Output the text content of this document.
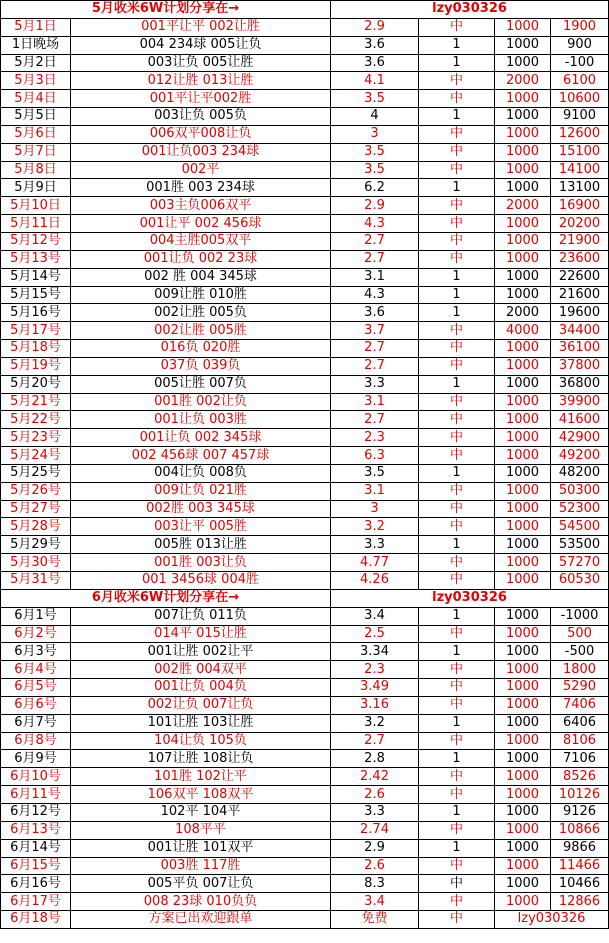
5月收米6W计划分享在→		lzy030326			
5月1日	001平让平 002让胜	2.9	中	1000	1900
1日晚场	004 234球 005让负	3.6	1	1000	900
5月2日	003让负 005让胜	3.6	1	1000	-100
5月3日	012让胜 013让胜	4.1	中	2000	6100
5月4日	001平让平002胜	3.5	中	1000	10600
5月5日	003让负 005负	4	1	1000	9100
5月6日	006双平008让负	3	中	1000	12600
5月7日	001让负003 234球	3.5	中	1000	15100
5月8日	002平	3.5	中	1000	14100
5月9日	001胜 003 234球	6.2	1	1000	13100
5月10日	003主负006双平	2.9	中	2000	16900
5月11日	001让平 002 456球	4.3	中	1000	20200
5月12号	004主胜005双平	2.7	中	1000	21900
5月13号	001让负 002 23球	2.7	中	1000	23600
5月14号	002 胜 004 345球	3.1	1	1000	22600
5月15号	009让胜 010胜	4.3	1	1000	21600
5月16号	002让胜 005负	3.6	1	2000	19600
5月17号	002让胜 005胜	3.7	中	4000	34400
5月18号	016负 020胜	2.7	中	1000	36100
5月19号	037负 039负	2.7	中	1000	37800
5月20号	005让胜 007负	3.3	1	1000	36800
5月21号	001胜 002让负	3.1	中	1000	39900
5月22号	001让负 003胜	2.7	中	1000	41600
5月23号	001让负 002 345球	2.3	中	1000	42900
5月24号	002 456球 007 457球	6.3	中	1000	49200
5月25号	004让负 008负	3.5	1	1000	48200
5月26号	009让负 021胜	3.1	中	1000	50300
5月27号	002胜 003 345球	3	中	1000	52300
5月28号	003让平 005胜	3.2	中	1000	54500
5月29号	005胜 013让胜	3.3	1	1000	53500
5月30号	001胜 003让负	4.77	中	1000	57270
5月31号	001 3456球 004胜	4.26	中	1000	60530
6月收米6W计划分享在→		lzy030326			
6月1号	007让负 011负	3.4	1	1000	-1000
6月2号	014平 015让胜	2.5	中	1000	500
6月3号	001让胜 002让平	3.34	1	1000	-500
6月4号	002胜 004双平	2.3	中	1000	1800
6月5号	001让负 004负	3.49	中	1000	5290
6月6号	002让负 007让负	3.16	中	1000	7406
6月7号	101让胜 103让胜	3.2	1	1000	6406
6月8号	104让负 105负	2.7	中	1000	8106
6月9号	107让胜 108让负	2.8	1	1000	7106
6月10号	101胜 102让平	2.42	中	1000	8526
6月11号	106双平 108双平	2.6	中	1000	10126
6月12号	102平 104平	3.3	1	1000	9126
6月13号	108平平	2.74	中	1000	10866
6月14号	001让胜 101双平	2.9	1	1000	9866
6月15号	003胜 117胜	2.6	中	1000	11466
6月16号	005平负 007让负	8.3	中	1000	10466
6月17号	008 23球 010负负	3.4	中	1000	12866
6月18号	方案已出欢迎跟单	免费	中	lzy030326	
